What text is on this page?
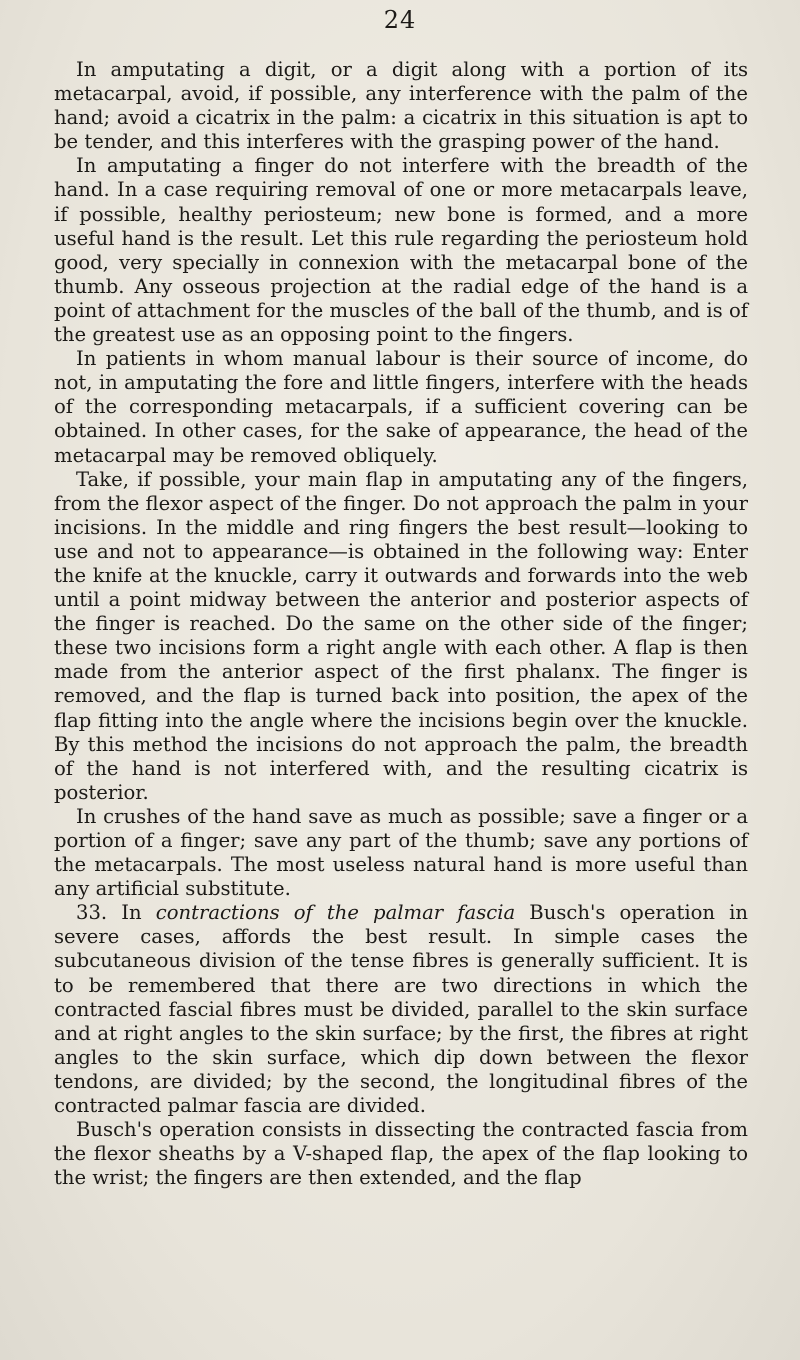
24

In amputating a digit, or a digit along with a portion of its metacarpal, avoid, if possible, any interference with the palm of the hand; avoid a cicatrix in the palm: a cicatrix in this situation is apt to be tender, and this interferes with the grasping power of the hand.

In amputating a finger do not interfere with the breadth of the hand. In a case requiring removal of one or more metacarpals leave, if possible, healthy periosteum; new bone is formed, and a more useful hand is the result. Let this rule regarding the periosteum hold good, very specially in connexion with the metacarpal bone of the thumb. Any osseous projection at the radial edge of the hand is a point of attachment for the muscles of the ball of the thumb, and is of the greatest use as an opposing point to the fingers.

In patients in whom manual labour is their source of income, do not, in amputating the fore and little fingers, interfere with the heads of the corresponding metacarpals, if a sufficient covering can be obtained. In other cases, for the sake of appearance, the head of the metacarpal may be removed obliquely.

Take, if possible, your main flap in amputating any of the fingers, from the flexor aspect of the finger. Do not approach the palm in your incisions. In the middle and ring fingers the best result—looking to use and not to appearance—is obtained in the following way: Enter the knife at the knuckle, carry it outwards and forwards into the web until a point midway between the anterior and posterior aspects of the finger is reached. Do the same on the other side of the finger; these two incisions form a right angle with each other. A flap is then made from the anterior aspect of the first phalanx. The finger is removed, and the flap is turned back into position, the apex of the flap fitting into the angle where the incisions begin over the knuckle. By this method the incisions do not approach the palm, the breadth of the hand is not interfered with, and the resulting cicatrix is posterior.

In crushes of the hand save as much as possible; save a finger or a portion of a finger; save any part of the thumb; save any portions of the metacarpals. The most useless natural hand is more useful than any artificial substitute.

33. In contractions of the palmar fascia Busch's operation in severe cases, affords the best result. In simple cases the subcutaneous division of the tense fibres is generally sufficient. It is to be remembered that there are two directions in which the contracted fascial fibres must be divided, parallel to the skin surface and at right angles to the skin surface; by the first, the fibres at right angles to the skin surface, which dip down between the flexor tendons, are divided; by the second, the longitudinal fibres of the contracted palmar fascia are divided.

Busch's operation consists in dissecting the contracted fascia from the flexor sheaths by a V-shaped flap, the apex of the flap looking to the wrist; the fingers are then extended, and the flap
